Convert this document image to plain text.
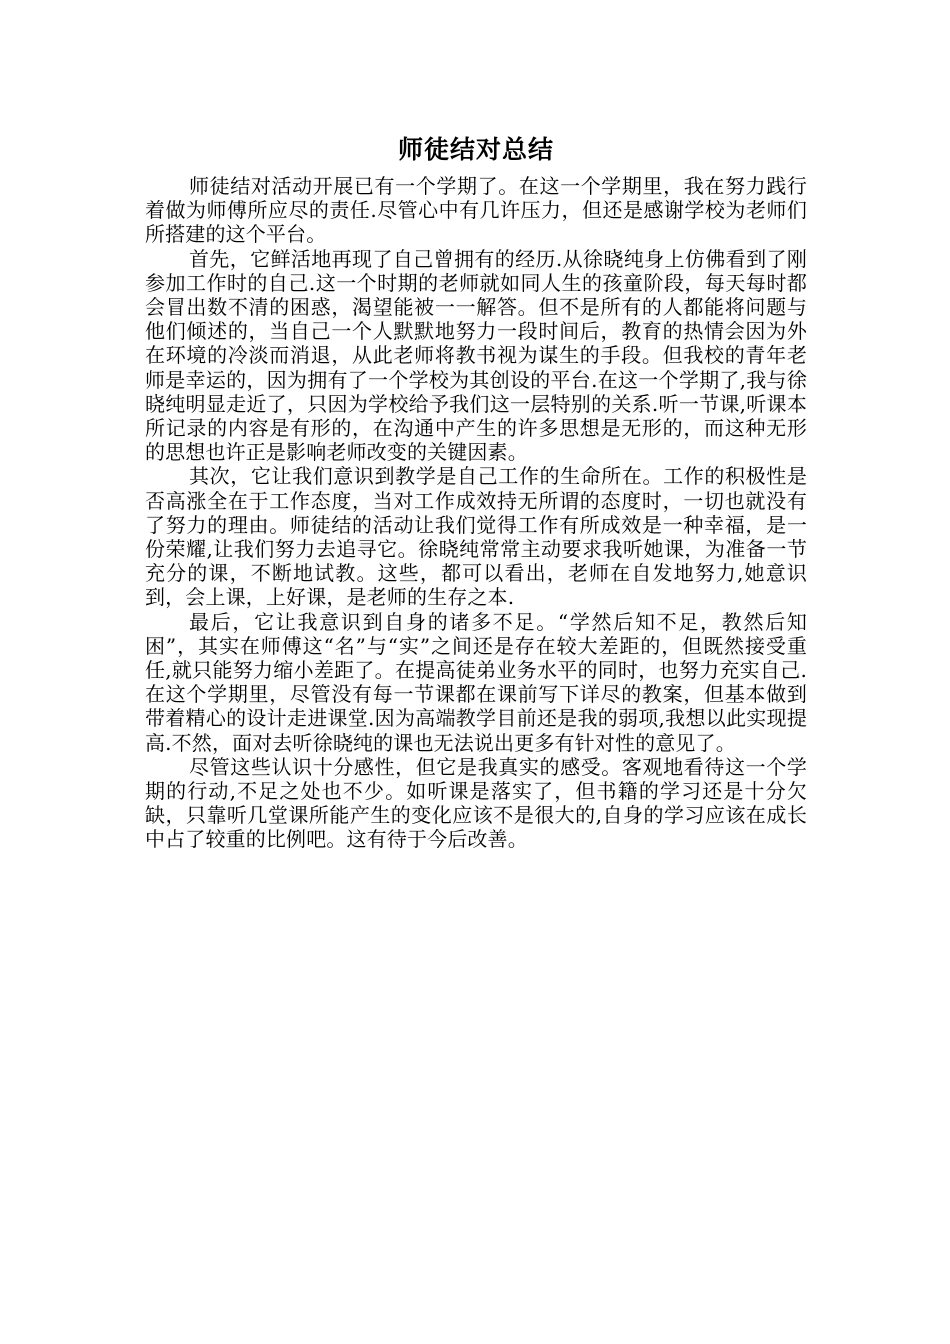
师徒结对总结

师徒结对活动开展已有一个学期了。在这一个学期里，我在努力践行着做为师傅所应尽的责任.尽管心中有几许压力，但还是感谢学校为老师们所搭建的这个平台。

首先，它鲜活地再现了自己曾拥有的经历.从徐晓纯身上仿佛看到了刚参加工作时的自己.这一个时期的老师就如同人生的孩童阶段，每天每时都会冒出数不清的困惑，渴望能被一一解答。但不是所有的人都能将问题与他们倾述的，当自己一个人默默地努力一段时间后，教育的热情会因为外在环境的冷淡而消退，从此老师将教书视为谋生的手段。但我校的青年老师是幸运的，因为拥有了一个学校为其创设的平台.在这一个学期了,我与徐晓纯明显走近了，只因为学校给予我们这一层特别的关系.听一节课,听课本所记录的内容是有形的，在沟通中产生的许多思想是无形的，而这种无形的思想也许正是影响老师改变的关键因素。

其次，它让我们意识到教学是自己工作的生命所在。工作的积极性是否高涨全在于工作态度，当对工作成效持无所谓的态度时，一切也就没有了努力的理由。师徒结的活动让我们觉得工作有所成效是一种幸福，是一份荣耀,让我们努力去追寻它。徐晓纯常常主动要求我听她课，为准备一节充分的课，不断地试教。这些，都可以看出，老师在自发地努力,她意识到，会上课，上好课，是老师的生存之本.

最后，它让我意识到自身的诸多不足。“学然后知不足，教然后知困”，其实在师傅这“名”与“实”之间还是存在较大差距的，但既然接受重任,就只能努力缩小差距了。在提高徒弟业务水平的同时，也努力充实自己.在这个学期里，尽管没有每一节课都在课前写下详尽的教案，但基本做到带着精心的设计走进课堂.因为高端教学目前还是我的弱项,我想以此实现提高.不然，面对去听徐晓纯的课也无法说出更多有针对性的意见了。

尽管这些认识十分感性，但它是我真实的感受。客观地看待这一个学期的行动,不足之处也不少。如听课是落实了，但书籍的学习还是十分欠缺，只靠听几堂课所能产生的变化应该不是很大的,自身的学习应该在成长中占了较重的比例吧。这有待于今后改善。
